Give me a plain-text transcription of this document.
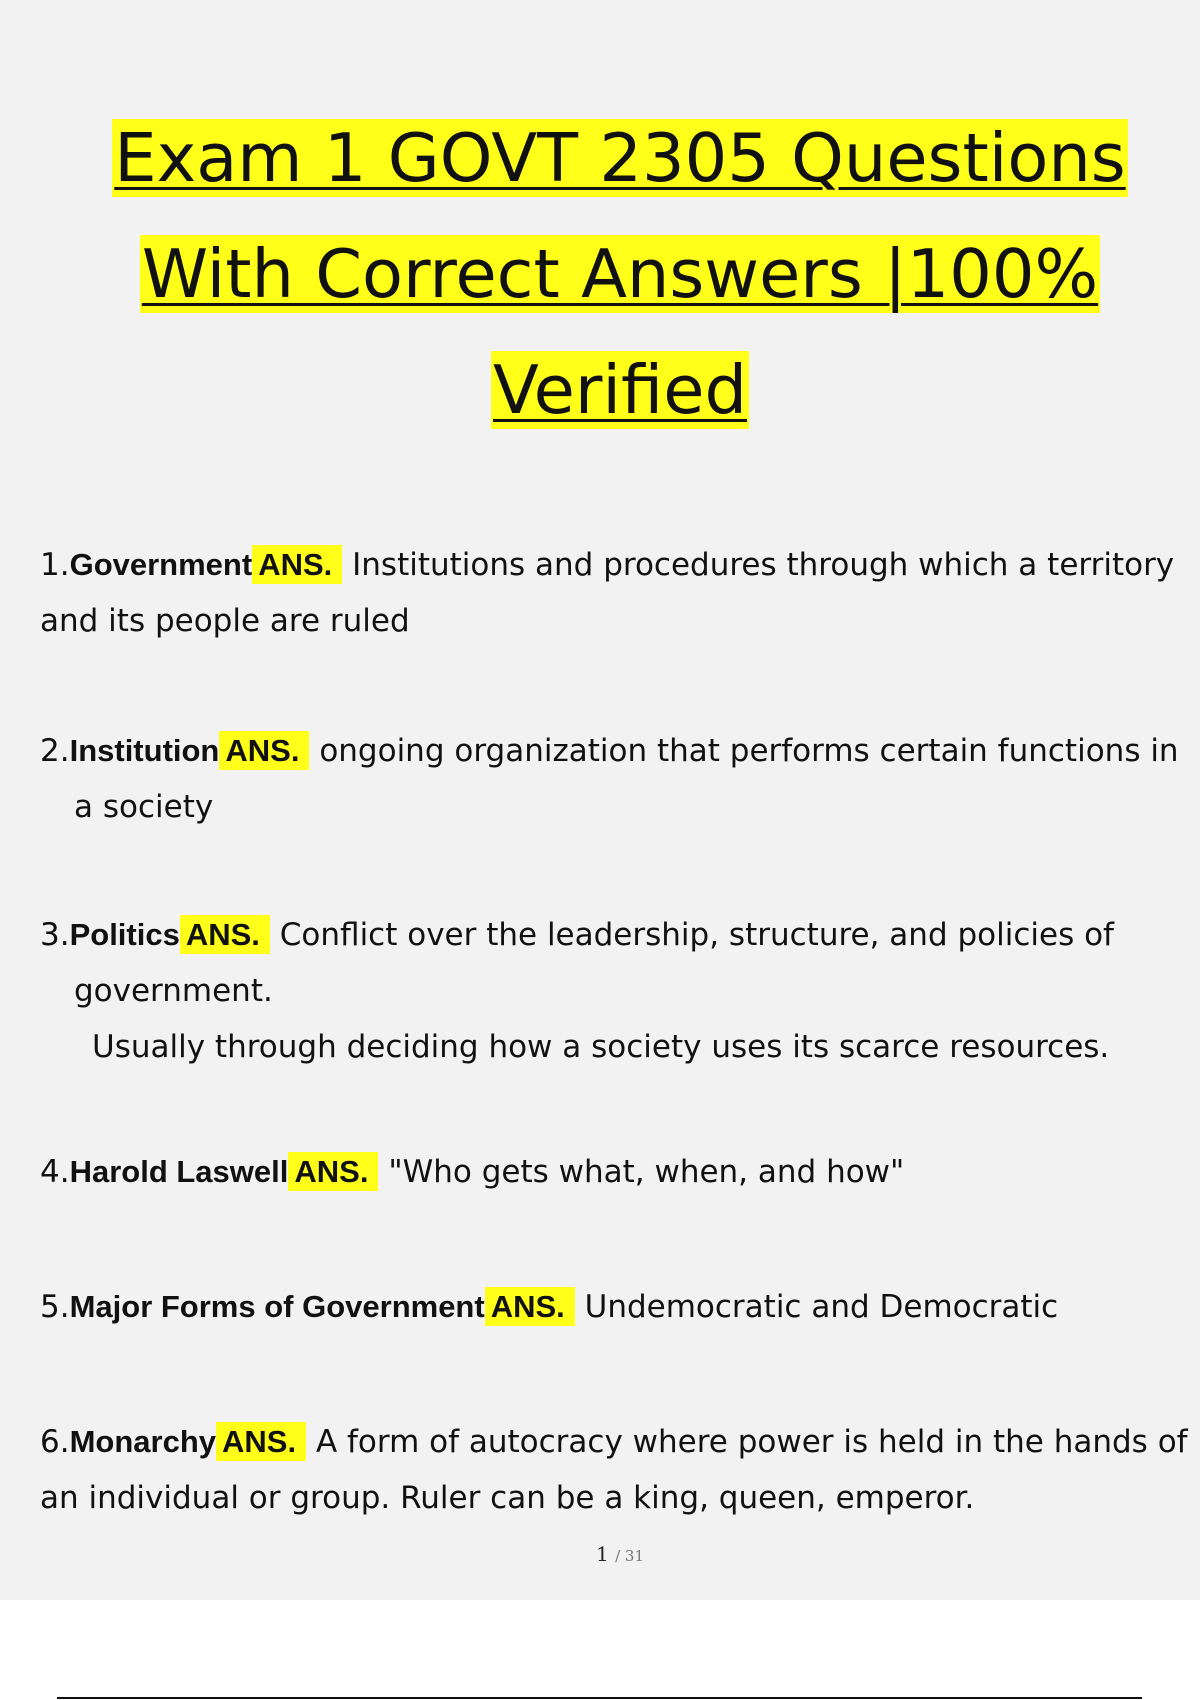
Exam 1 GOVT 2305 Questions

With Correct Answers |100%

Verified

1.Government ANS. Institutions and procedures through which a territory and its people are ruled
2.Institution ANS. ongoing organization that performs certain functions in a society
3.Politics ANS. Conflict over the leadership, structure, and policies of government.
Usually through deciding how a society uses its scarce resources.
4.Harold Laswell ANS. "Who gets what, when, and how"
5.Major Forms of Government ANS. Undemocratic and Democratic
6.Monarchy ANS. A form of autocracy where power is held in the hands of an individual or group. Ruler can be a king, queen, emperor.
1 / 31
